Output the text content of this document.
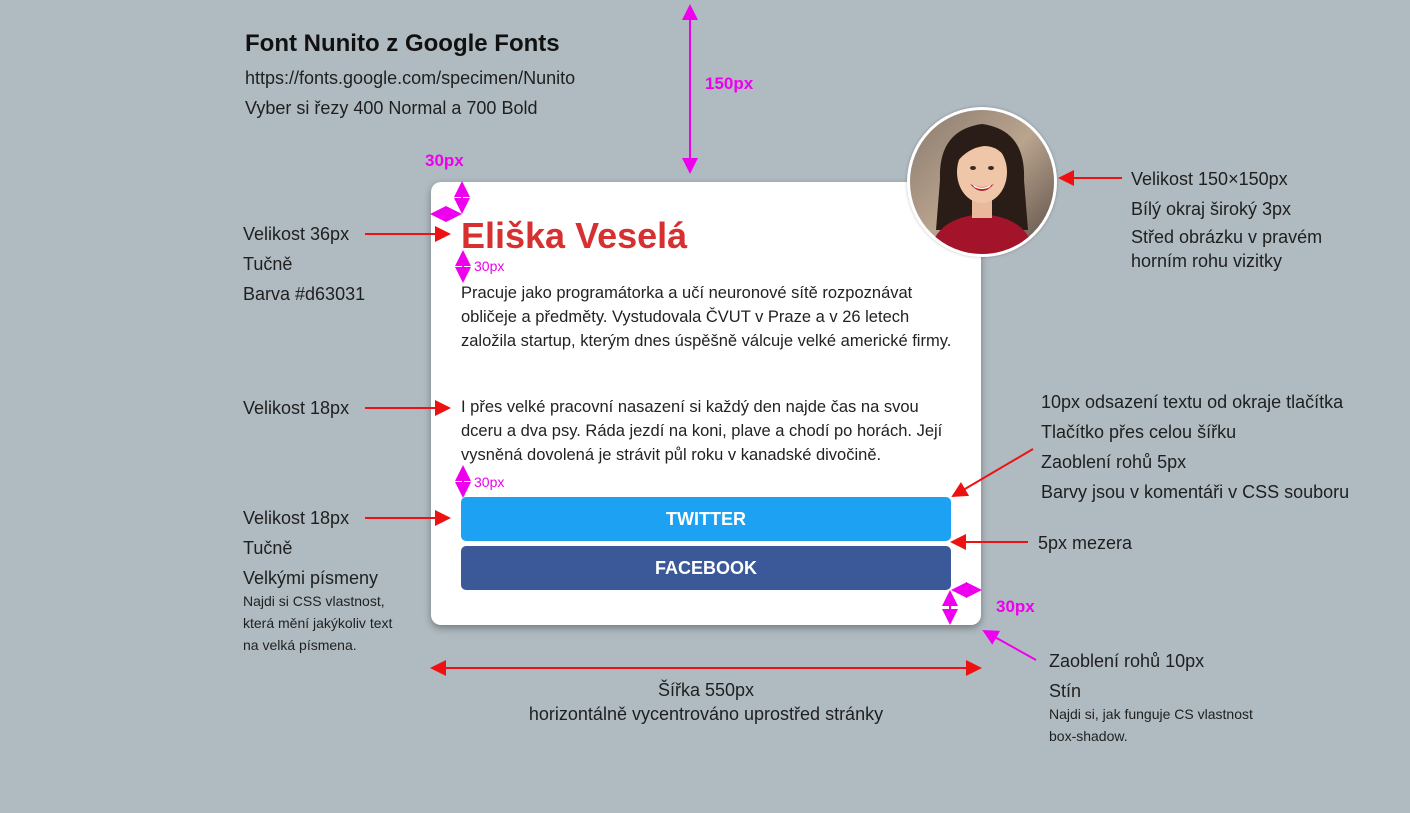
Font Nunito z Google Fonts
https://fonts.google.com/specimen/Nunito
Vyber si řezy 400 Normal a 700 Bold
Eliška Veselá
Pracuje jako programátorka a učí neuronové sítě rozpoznávat obličeje a předměty. Vystudovala ČVUT v Praze a v 26 letech založila startup, kterým dnes úspěšně válcuje velké americké firmy.
I přes velké pracovní nasazení si každý den najde čas na svou dceru a dva psy. Ráda jezdí na koni, plave a chodí po horách. Její vysněná dovolená je strávit půl roku v kanadské divočině.
TWITTER
FACEBOOK
150px
30px
30px
30px
30px
Velikost 36px
Tučně
Barva #d63031
Velikost 18px
Velikost 18px
Tučně
Velkými písmeny
Najdi si CSS vlastnost,
která mění jakýkoliv text
na velká písmena.
Velikost 150×150px
Bílý okraj široký 3px
Střed obrázku v pravém
horním rohu vizitky
10px odsazení textu od okraje tlačítka
Tlačítko přes celou šířku
Zaoblení rohů 5px
Barvy jsou v komentáři v CSS souboru
5px mezera
Zaoblení rohů 10px
Stín
Najdi si, jak funguje CS vlastnost
box-shadow.
Šířka 550px
horizontálně vycentrováno uprostřed stránky
